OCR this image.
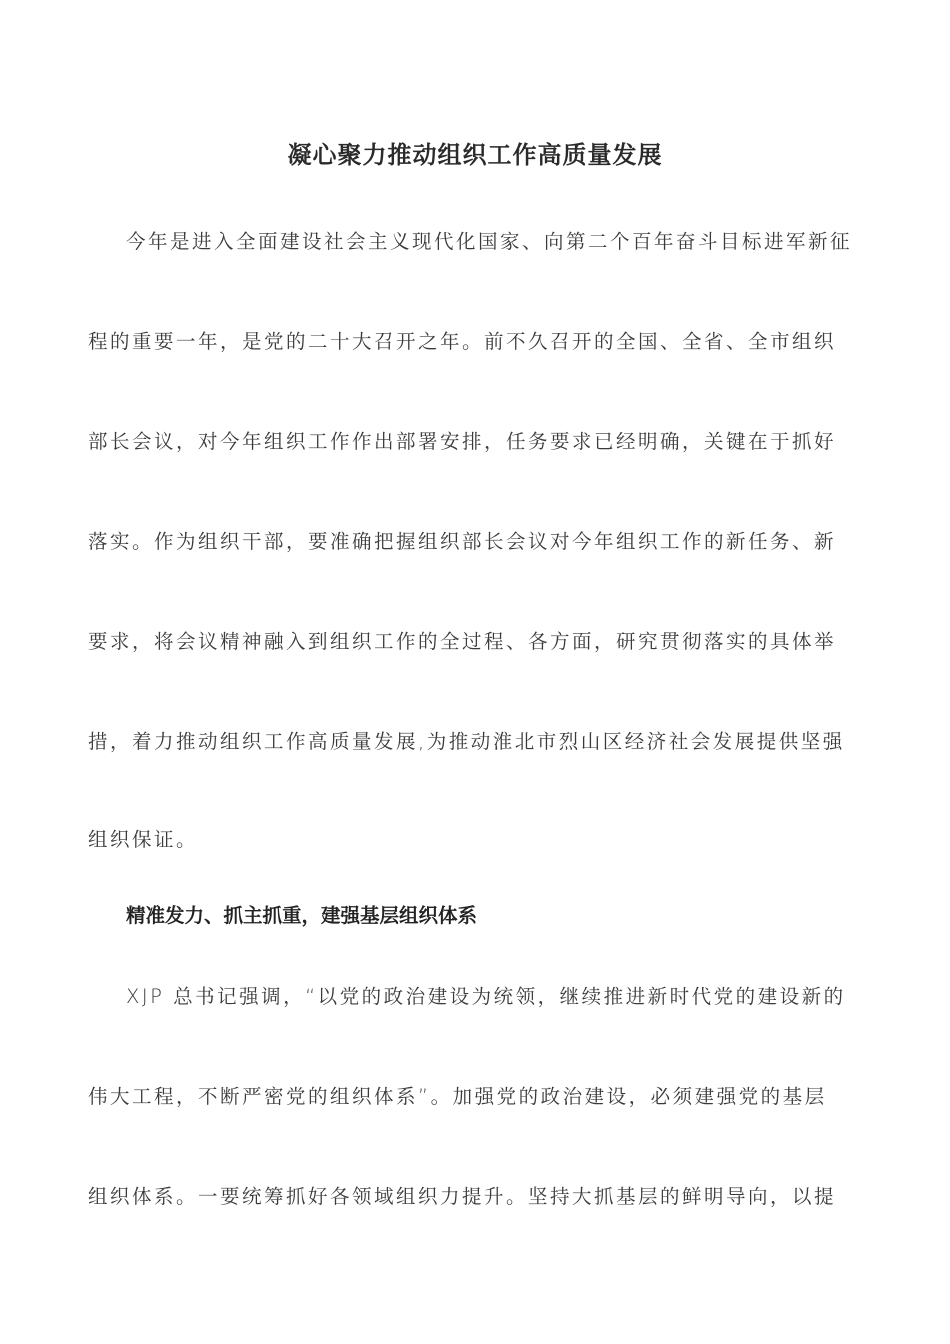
凝心聚力推动组织工作高质量发展
今年是进入全面建设社会主义现代化国家、向第二个百年奋斗目标进军新征
程的重要一年，是党的二十大召开之年。前不久召开的全国、全省、全市组织
部长会议，对今年组织工作作出部署安排，任务要求已经明确，关键在于抓好
落实。作为组织干部，要准确把握组织部长会议对今年组织工作的新任务、新
要求，将会议精神融入到组织工作的全过程、各方面，研究贯彻落实的具体举
措，着力推动组织工作高质量发展,为推动淮北市烈山区经济社会发展提供坚强
组织保证。
精准发力、抓主抓重，建强基层组织体系
XJP 总书记强调，“以党的政治建设为统领，继续推进新时代党的建设新的
伟大工程，不断严密党的组织体系”。加强党的政治建设，必须建强党的基层
组织体系。一要统筹抓好各领域组织力提升。坚持大抓基层的鲜明导向，以提
